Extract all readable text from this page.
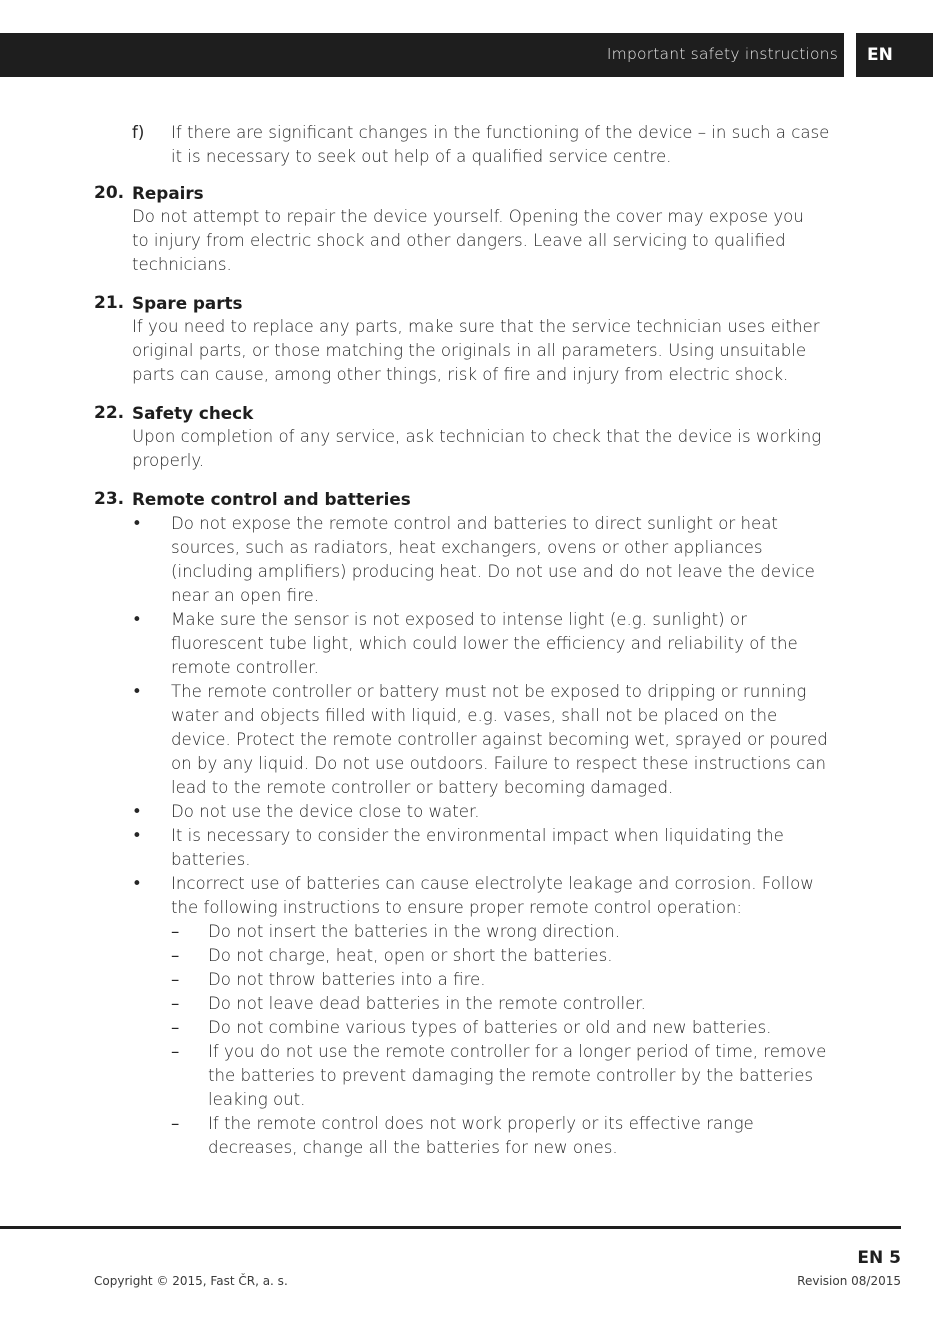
Important safety instructions	EN
f) If there are significant changes in the functioning of the device – in such a case
it is necessary to seek out help of a qualified service centre.
20. Repairs
Do not attempt to repair the device yourself. Opening the cover may expose you
to injury from electric shock and other dangers. Leave all servicing to qualified
technicians.
21. Spare parts
If you need to replace any parts, make sure that the service technician uses either
original parts, or those matching the originals in all parameters. Using unsuitable
parts can cause, among other things, risk of fire and injury from electric shock.
22. Safety check
Upon completion of any service, ask technician to check that the device is working
properly.
23. Remote control and batteries
• Do not expose the remote control and batteries to direct sunlight or heat
sources, such as radiators, heat exchangers, ovens or other appliances
(including amplifiers) producing heat. Do not use and do not leave the device
near an open fire.
• Make sure the sensor is not exposed to intense light (e.g. sunlight) or
fluorescent tube light, which could lower the efficiency and reliability of the
remote controller.
• The remote controller or battery must not be exposed to dripping or running
water and objects filled with liquid, e.g. vases, shall not be placed on the
device. Protect the remote controller against becoming wet, sprayed or poured
on by any liquid. Do not use outdoors. Failure to respect these instructions can
lead to the remote controller or battery becoming damaged.
• Do not use the device close to water.
• It is necessary to consider the environmental impact when liquidating the
batteries.
• Incorrect use of batteries can cause electrolyte leakage and corrosion. Follow
the following instructions to ensure proper remote control operation:
– Do not insert the batteries in the wrong direction.
– Do not charge, heat, open or short the batteries.
– Do not throw batteries into a fire.
– Do not leave dead batteries in the remote controller.
– Do not combine various types of batteries or old and new batteries.
– If you do not use the remote controller for a longer period of time, remove
the batteries to prevent damaging the remote controller by the batteries
leaking out.
– If the remote control does not work properly or its effective range
decreases, change all the batteries for new ones.
EN 5
Copyright © 2015, Fast ČR, a. s.	Revision 08/2015
